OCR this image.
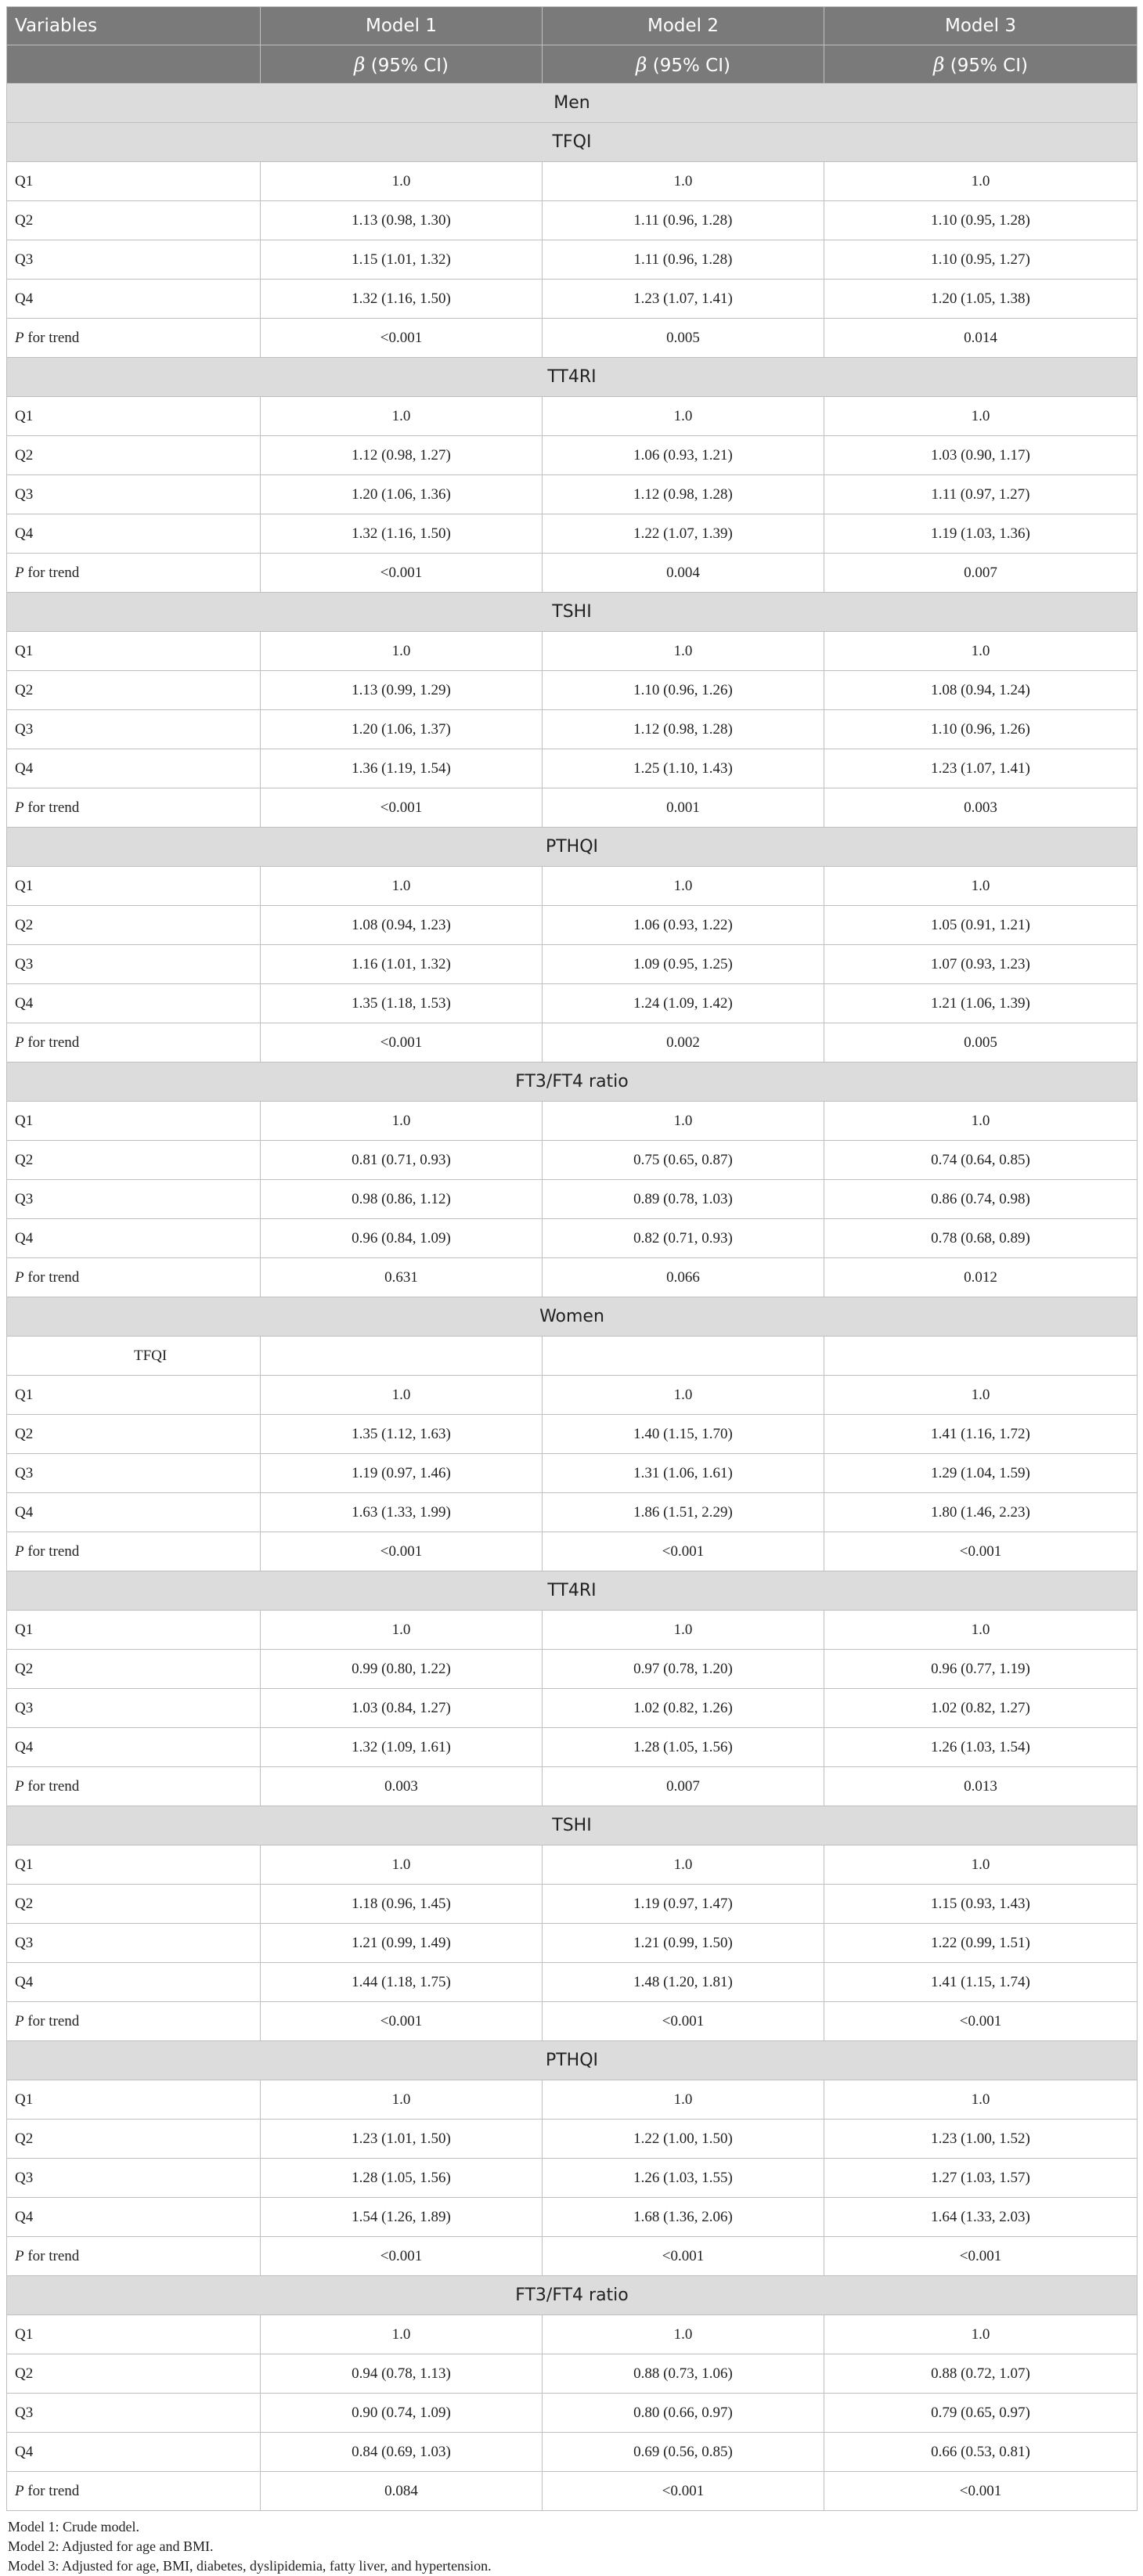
Variables	Model 1	Model 2	Model 3
	β (95% CI)	β (95% CI)	β (95% CI)
Men			
TFQI			
Q1	1.0	1.0	1.0
Q2	1.13 (0.98, 1.30)	1.11 (0.96, 1.28)	1.10 (0.95, 1.28)
Q3	1.15 (1.01, 1.32)	1.11 (0.96, 1.28)	1.10 (0.95, 1.27)
Q4	1.32 (1.16, 1.50)	1.23 (1.07, 1.41)	1.20 (1.05, 1.38)
P for trend	<0.001	0.005	0.014
TT4RI			
Q1	1.0	1.0	1.0
Q2	1.12 (0.98, 1.27)	1.06 (0.93, 1.21)	1.03 (0.90, 1.17)
Q3	1.20 (1.06, 1.36)	1.12 (0.98, 1.28)	1.11 (0.97, 1.27)
Q4	1.32 (1.16, 1.50)	1.22 (1.07, 1.39)	1.19 (1.03, 1.36)
P for trend	<0.001	0.004	0.007
TSHI			
Q1	1.0	1.0	1.0
Q2	1.13 (0.99, 1.29)	1.10 (0.96, 1.26)	1.08 (0.94, 1.24)
Q3	1.20 (1.06, 1.37)	1.12 (0.98, 1.28)	1.10 (0.96, 1.26)
Q4	1.36 (1.19, 1.54)	1.25 (1.10, 1.43)	1.23 (1.07, 1.41)
P for trend	<0.001	0.001	0.003
PTHQI			
Q1	1.0	1.0	1.0
Q2	1.08 (0.94, 1.23)	1.06 (0.93, 1.22)	1.05 (0.91, 1.21)
Q3	1.16 (1.01, 1.32)	1.09 (0.95, 1.25)	1.07 (0.93, 1.23)
Q4	1.35 (1.18, 1.53)	1.24 (1.09, 1.42)	1.21 (1.06, 1.39)
P for trend	<0.001	0.002	0.005
FT3/FT4 ratio			
Q1	1.0	1.0	1.0
Q2	0.81 (0.71, 0.93)	0.75 (0.65, 0.87)	0.74 (0.64, 0.85)
Q3	0.98 (0.86, 1.12)	0.89 (0.78, 1.03)	0.86 (0.74, 0.98)
Q4	0.96 (0.84, 1.09)	0.82 (0.71, 0.93)	0.78 (0.68, 0.89)
P for trend	0.631	0.066	0.012
Women			
TFQI			
Q1	1.0	1.0	1.0
Q2	1.35 (1.12, 1.63)	1.40 (1.15, 1.70)	1.41 (1.16, 1.72)
Q3	1.19 (0.97, 1.46)	1.31 (1.06, 1.61)	1.29 (1.04, 1.59)
Q4	1.63 (1.33, 1.99)	1.86 (1.51, 2.29)	1.80 (1.46, 2.23)
P for trend	<0.001	<0.001	<0.001
TT4RI			
Q1	1.0	1.0	1.0
Q2	0.99 (0.80, 1.22)	0.97 (0.78, 1.20)	0.96 (0.77, 1.19)
Q3	1.03 (0.84, 1.27)	1.02 (0.82, 1.26)	1.02 (0.82, 1.27)
Q4	1.32 (1.09, 1.61)	1.28 (1.05, 1.56)	1.26 (1.03, 1.54)
P for trend	0.003	0.007	0.013
TSHI			
Q1	1.0	1.0	1.0
Q2	1.18 (0.96, 1.45)	1.19 (0.97, 1.47)	1.15 (0.93, 1.43)
Q3	1.21 (0.99, 1.49)	1.21 (0.99, 1.50)	1.22 (0.99, 1.51)
Q4	1.44 (1.18, 1.75)	1.48 (1.20, 1.81)	1.41 (1.15, 1.74)
P for trend	<0.001	<0.001	<0.001
PTHQI			
Q1	1.0	1.0	1.0
Q2	1.23 (1.01, 1.50)	1.22 (1.00, 1.50)	1.23 (1.00, 1.52)
Q3	1.28 (1.05, 1.56)	1.26 (1.03, 1.55)	1.27 (1.03, 1.57)
Q4	1.54 (1.26, 1.89)	1.68 (1.36, 2.06)	1.64 (1.33, 2.03)
P for trend	<0.001	<0.001	<0.001
FT3/FT4 ratio			
Q1	1.0	1.0	1.0
Q2	0.94 (0.78, 1.13)	0.88 (0.73, 1.06)	0.88 (0.72, 1.07)
Q3	0.90 (0.74, 1.09)	0.80 (0.66, 0.97)	0.79 (0.65, 0.97)
Q4	0.84 (0.69, 1.03)	0.69 (0.56, 0.85)	0.66 (0.53, 0.81)
P for trend	0.084	<0.001	<0.001
Model 1: Crude model.
Model 2: Adjusted for age and BMI.
Model 3: Adjusted for age, BMI, diabetes, dyslipidemia, fatty liver, and hypertension.
